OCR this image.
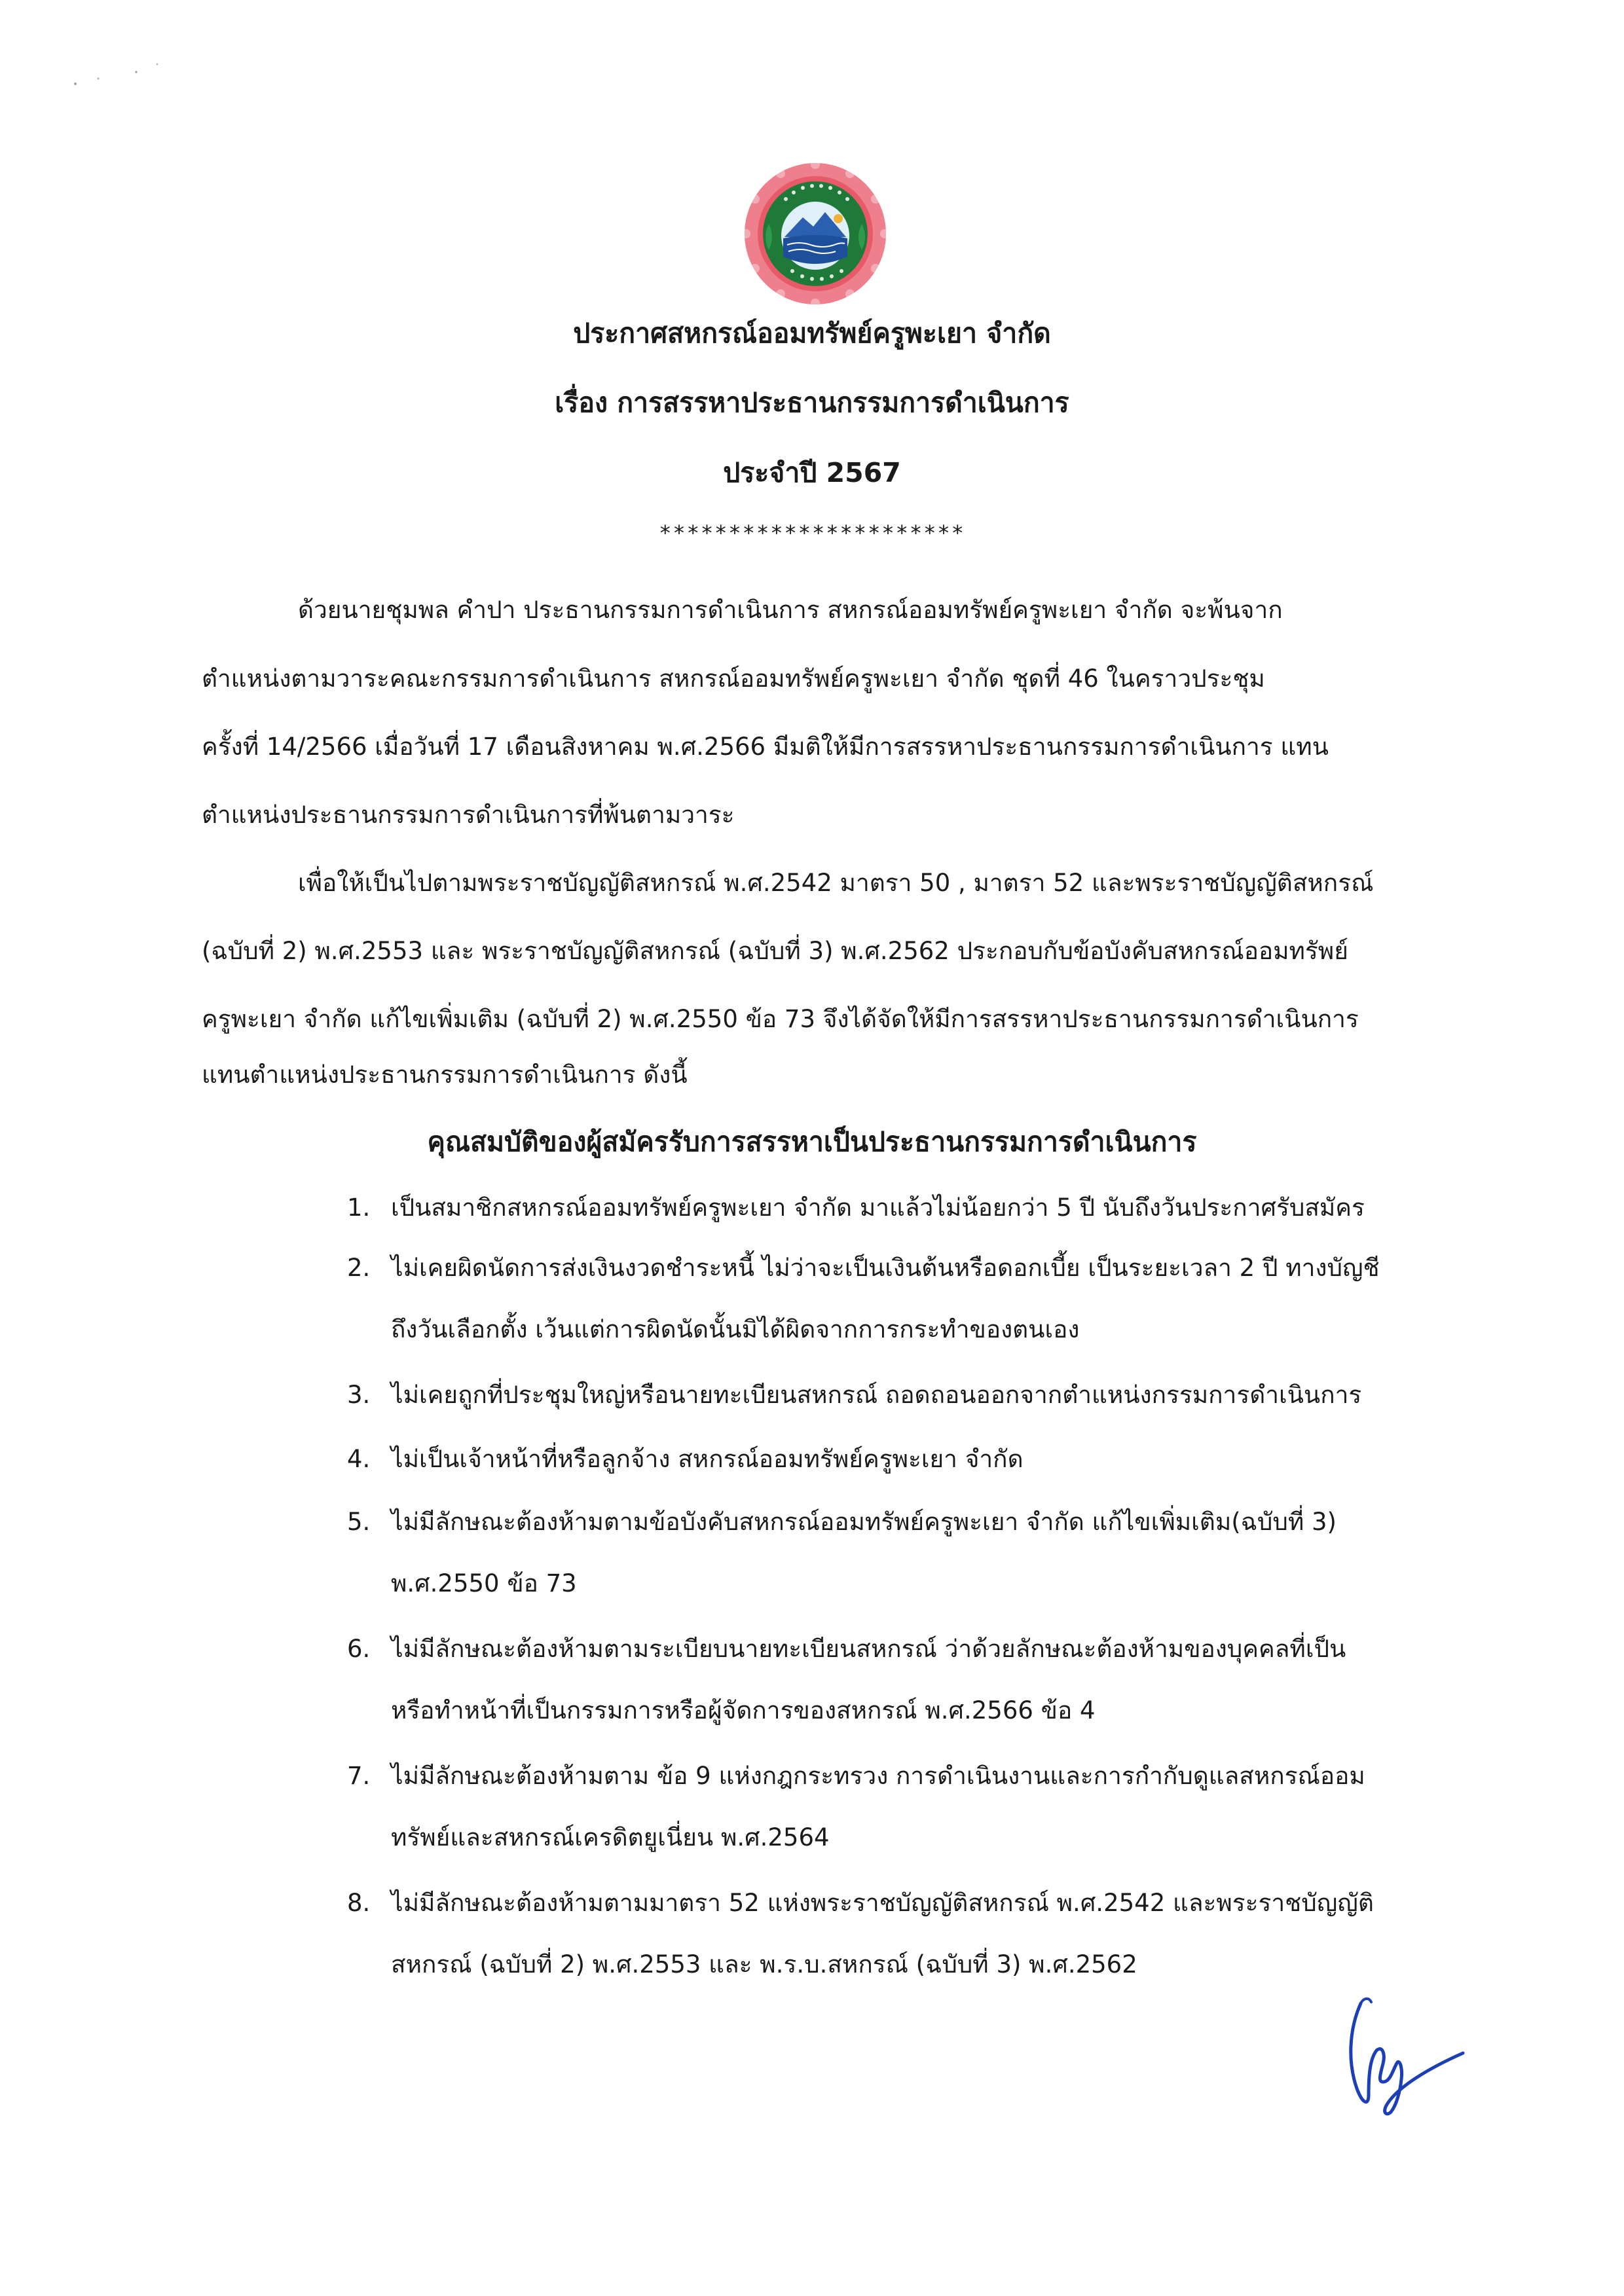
ประกาศสหกรณ์ออมทรัพย์ครูพะเยา จำกัด
เรื่อง การสรรหาประธานกรรมการดำเนินการ
ประจำปี 2567
**********************
ด้วยนายชุมพล คำปา ประธานกรรมการดำเนินการ สหกรณ์ออมทรัพย์ครูพะเยา จำกัด จะพ้นจาก
ตำแหน่งตามวาระคณะกรรมการดำเนินการ สหกรณ์ออมทรัพย์ครูพะเยา จำกัด ชุดที่ 46 ในคราวประชุม
ครั้งที่ 14/2566 เมื่อวันที่ 17 เดือนสิงหาคม พ.ศ.2566 มีมติให้มีการสรรหาประธานกรรมการดำเนินการ แทน
ตำแหน่งประธานกรรมการดำเนินการที่พ้นตามวาระ
เพื่อให้เป็นไปตามพระราชบัญญัติสหกรณ์ พ.ศ.2542 มาตรา 50 , มาตรา 52 และพระราชบัญญัติสหกรณ์
(ฉบับที่ 2) พ.ศ.2553 และ พระราชบัญญัติสหกรณ์ (ฉบับที่ 3) พ.ศ.2562 ประกอบกับข้อบังคับสหกรณ์ออมทรัพย์
ครูพะเยา จำกัด แก้ไขเพิ่มเติม (ฉบับที่ 2) พ.ศ.2550 ข้อ 73 จึงได้จัดให้มีการสรรหาประธานกรรมการดำเนินการ
แทนตำแหน่งประธานกรรมการดำเนินการ ดังนี้
คุณสมบัติของผู้สมัครรับการสรรหาเป็นประธานกรรมการดำเนินการ
1. เป็นสมาชิกสหกรณ์ออมทรัพย์ครูพะเยา จำกัด มาแล้วไม่น้อยกว่า 5 ปี นับถึงวันประกาศรับสมัคร
2. ไม่เคยผิดนัดการส่งเงินงวดชำระหนี้ ไม่ว่าจะเป็นเงินต้นหรือดอกเบี้ย เป็นระยะเวลา 2 ปี ทางบัญชี
ถึงวันเลือกตั้ง เว้นแต่การผิดนัดนั้นมิได้ผิดจากการกระทำของตนเอง
3. ไม่เคยถูกที่ประชุมใหญ่หรือนายทะเบียนสหกรณ์ ถอดถอนออกจากตำแหน่งกรรมการดำเนินการ
4. ไม่เป็นเจ้าหน้าที่หรือลูกจ้าง สหกรณ์ออมทรัพย์ครูพะเยา จำกัด
5. ไม่มีลักษณะต้องห้ามตามข้อบังคับสหกรณ์ออมทรัพย์ครูพะเยา จำกัด แก้ไขเพิ่มเติม(ฉบับที่ 3)
พ.ศ.2550 ข้อ 73
6. ไม่มีลักษณะต้องห้ามตามระเบียบนายทะเบียนสหกรณ์ ว่าด้วยลักษณะต้องห้ามของบุคคลที่เป็น
หรือทำหน้าที่เป็นกรรมการหรือผู้จัดการของสหกรณ์ พ.ศ.2566 ข้อ 4
7. ไม่มีลักษณะต้องห้ามตาม ข้อ 9 แห่งกฎกระทรวง การดำเนินงานและการกำกับดูแลสหกรณ์ออม
ทรัพย์และสหกรณ์เครดิตยูเนี่ยน พ.ศ.2564
8. ไม่มีลักษณะต้องห้ามตามมาตรา 52 แห่งพระราชบัญญัติสหกรณ์ พ.ศ.2542 และพระราชบัญญัติ
สหกรณ์ (ฉบับที่ 2) พ.ศ.2553 และ พ.ร.บ.สหกรณ์ (ฉบับที่ 3) พ.ศ.2562
